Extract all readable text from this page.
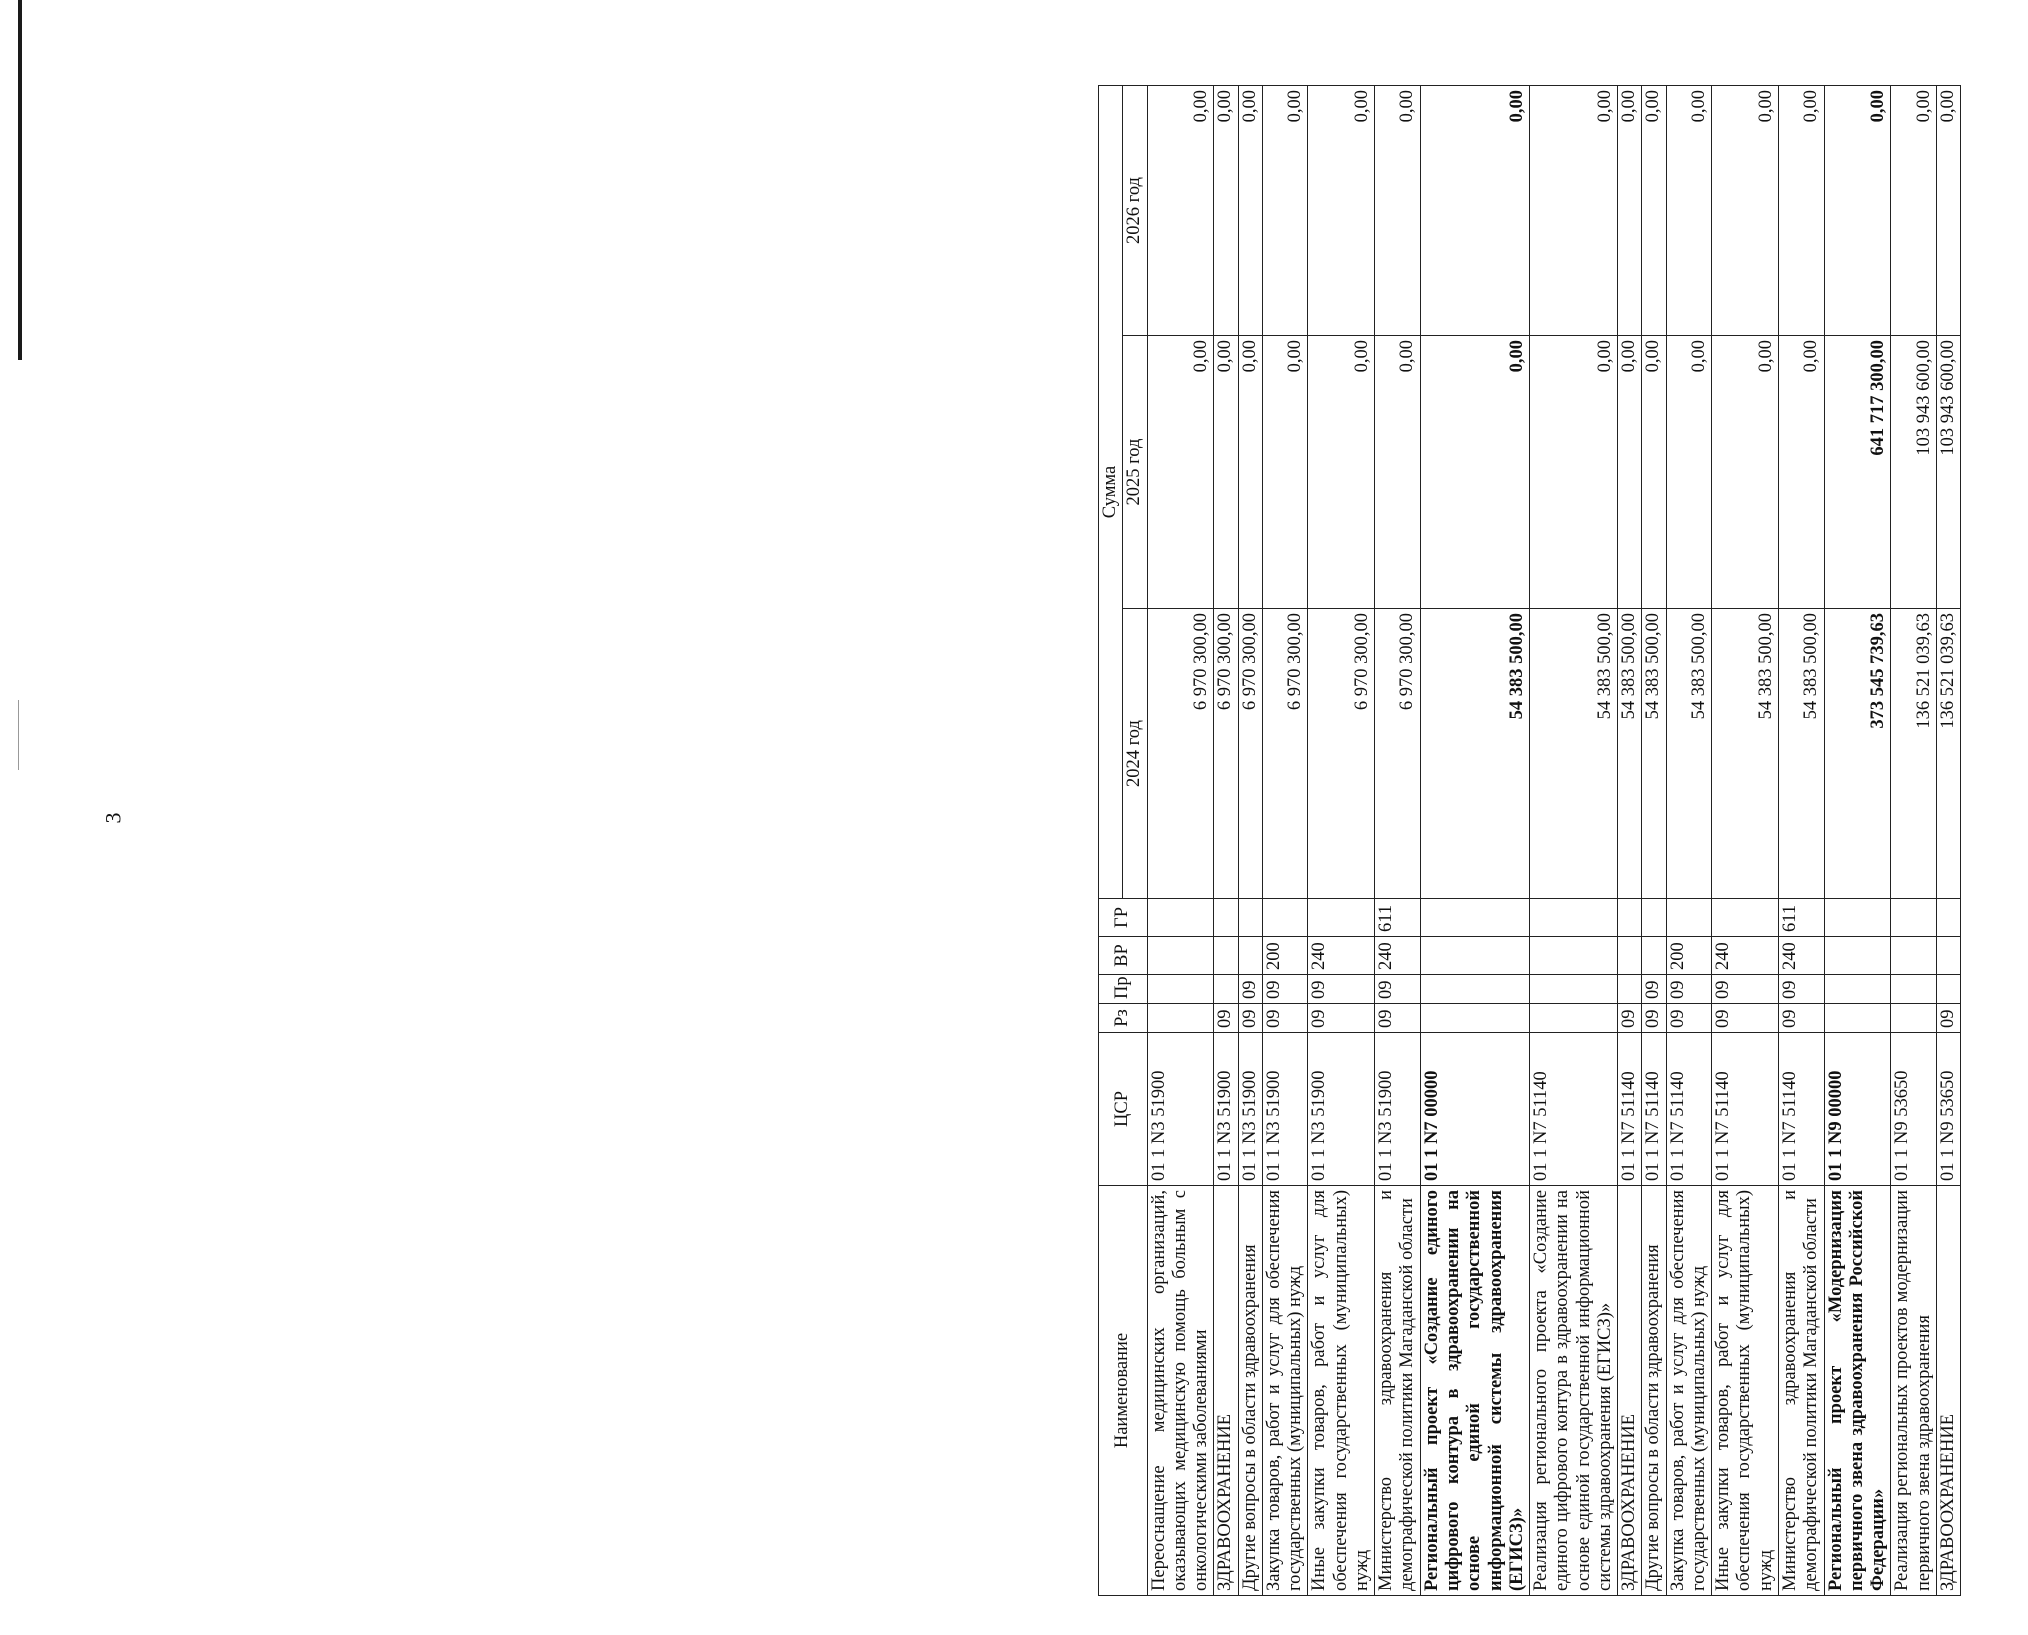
3
Наименование	ЦСР	Рз	Пр	ВР	ГР	Сумма		
						2024 год	2025 год	2026 год
Переоснащение медицинских организаций, оказывающих медицинскую помощь больным с онкологическими заболеваниями	01 1 N3 51900					6 970 300,00	0,00	0,00
ЗДРАВООХРАНЕНИЕ	01 1 N3 51900	09				6 970 300,00	0,00	0,00
Другие вопросы в области здравоохранения	01 1 N3 51900	09	09			6 970 300,00	0,00	0,00
Закупка товаров, работ и услуг для обеспечения государственных (муниципальных) нужд	01 1 N3 51900	09	09	200		6 970 300,00	0,00	0,00
Иные закупки товаров, работ и услуг для обеспечения государственных (муниципальных) нужд	01 1 N3 51900	09	09	240		6 970 300,00	0,00	0,00
Министерство здравоохранения и демографической политики Магаданской области	01 1 N3 51900	09	09	240	611	6 970 300,00	0,00	0,00
Региональный проект «Создание единого цифрового контура в здравоохранении на основе единой государственной информационной системы здравоохранения (ЕГИСЗ)»	01 1 N7 00000					54 383 500,00	0,00	0,00
Реализация регионального проекта «Создание единого цифрового контура в здравоохранении на основе единой государственной информационной системы здравоохранения (ЕГИСЗ)»	01 1 N7 51140					54 383 500,00	0,00	0,00
ЗДРАВООХРАНЕНИЕ	01 1 N7 51140	09				54 383 500,00	0,00	0,00
Другие вопросы в области здравоохранения	01 1 N7 51140	09	09			54 383 500,00	0,00	0,00
Закупка товаров, работ и услуг для обеспечения государственных (муниципальных) нужд	01 1 N7 51140	09	09	200		54 383 500,00	0,00	0,00
Иные закупки товаров, работ и услуг для обеспечения государственных (муниципальных) нужд	01 1 N7 51140	09	09	240		54 383 500,00	0,00	0,00
Министерство здравоохранения и демографической политики Магаданской области	01 1 N7 51140	09	09	240	611	54 383 500,00	0,00	0,00
Региональный проект «Модернизация первичного звена здравоохранения Российской Федерации»	01 1 N9 00000					373 545 739,63	641 717 300,00	0,00
Реализация региональных проектов модернизации первичного звена здравоохранения	01 1 N9 53650					136 521 039,63	103 943 600,00	0,00
ЗДРАВООХРАНЕНИЕ	01 1 N9 53650	09				136 521 039,63	103 943 600,00	0,00
